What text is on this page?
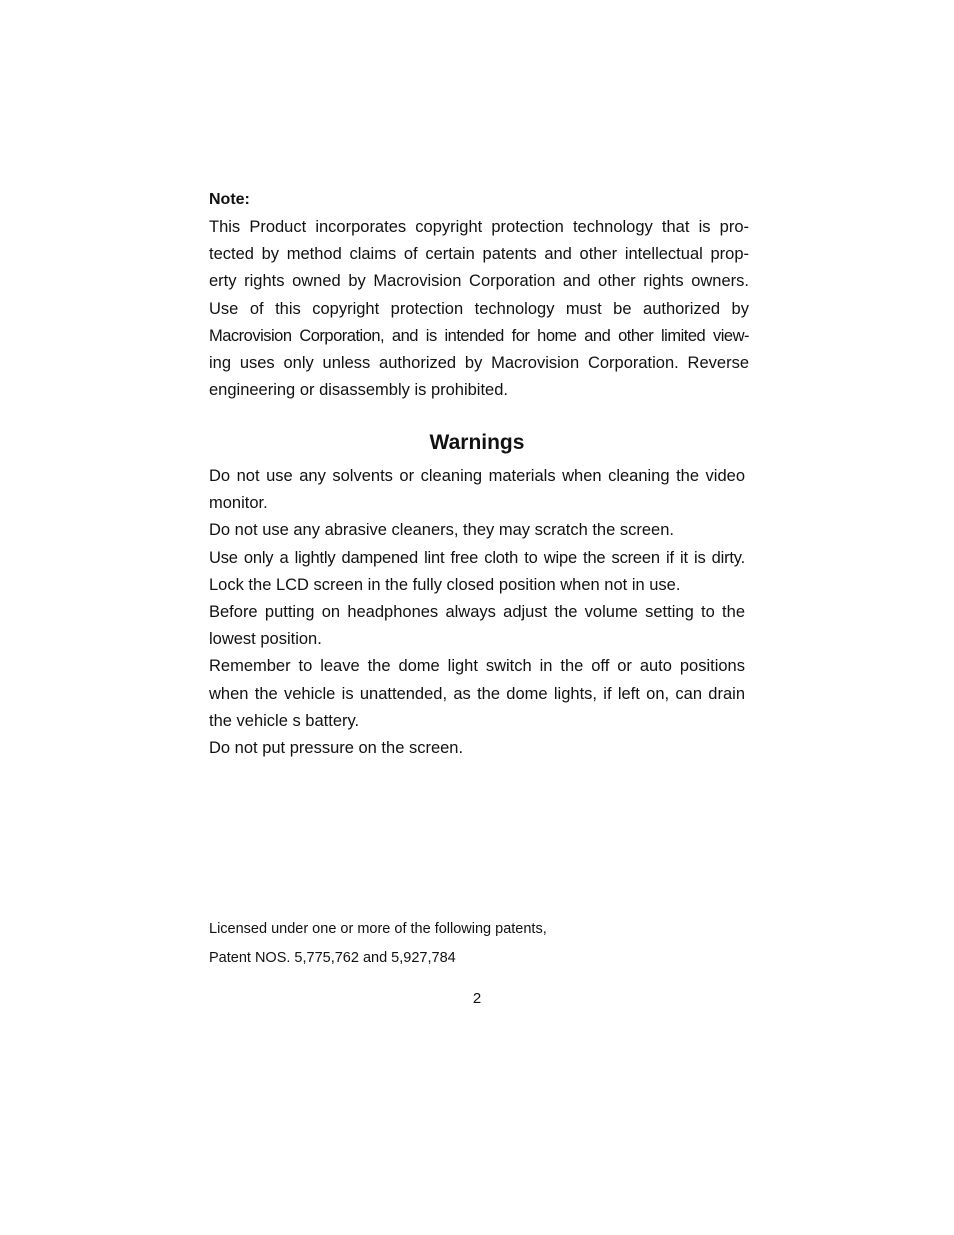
Note:
This Product incorporates copyright protection technology that is pro-
tected by method claims of certain patents and other intellectual prop-
erty rights owned by Macrovision Corporation and other rights owners.
Use of this copyright protection technology must be authorized by
Macrovision Corporation, and is intended for home and other limited view-
ing uses only unless authorized by Macrovision Corporation. Reverse
engineering or disassembly is prohibited.
Warnings
Do not use any solvents or cleaning materials when cleaning the video
monitor.
Do not use any abrasive cleaners, they may scratch the screen.
Use only a lightly dampened lint free cloth to wipe the screen if it is dirty.
Lock the LCD screen in the fully closed position when not in use.
Before putting on headphones always adjust the volume setting to the
lowest position.
Remember to leave the dome light switch in the off or auto positions
when the vehicle is unattended, as the dome lights, if left on, can drain
the vehicle s battery.
Do not put pressure on the screen.
Licensed under one or more of the following patents,
Patent NOS. 5,775,762 and 5,927,784
2
